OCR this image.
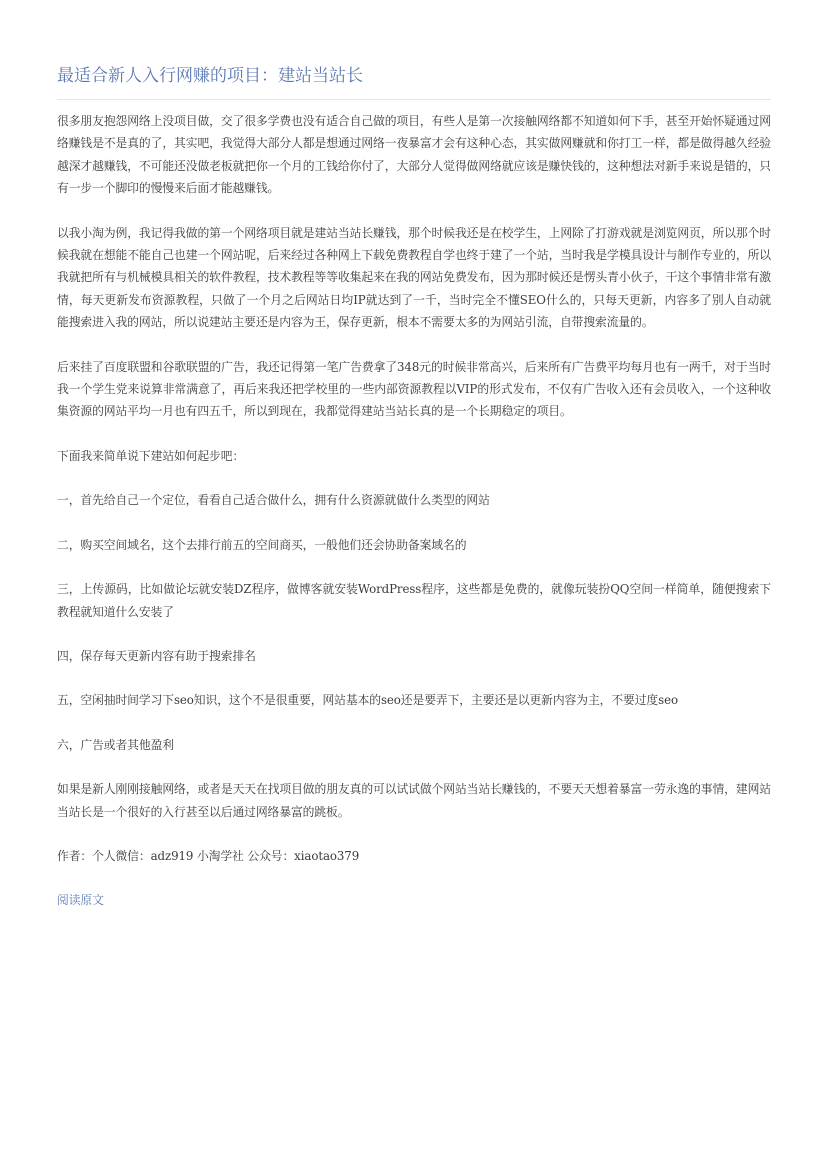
最适合新人入行网赚的项目：建站当站长

很多朋友抱怨网络上没项目做，交了很多学费也没有适合自己做的项目，有些人是第一次接触网络都不知道如何下手，甚至开始怀疑通过网络赚钱是不是真的了，其实吧，我觉得大部分人都是想通过网络一夜暴富才会有这种心态，其实做网赚就和你打工一样，都是做得越久经验越深才越赚钱，不可能还没做老板就把你一个月的工钱给你付了，大部分人觉得做网络就应该是赚快钱的，这种想法对新手来说是错的，只有一步一个脚印的慢慢来后面才能越赚钱。

以我小淘为例，我记得我做的第一个网络项目就是建站当站长赚钱，那个时候我还是在校学生，上网除了打游戏就是浏览网页，所以那个时候我就在想能不能自己也建一个网站呢，后来经过各种网上下载免费教程自学也终于建了一个站，当时我是学模具设计与制作专业的，所以我就把所有与机械模具相关的软件教程，技术教程等等收集起来在我的网站免费发布，因为那时候还是愣头青小伙子，干这个事情非常有激情，每天更新发布资源教程，只做了一个月之后网站日均IP就达到了一千，当时完全不懂SEO什么的，只每天更新，内容多了别人自动就能搜索进入我的网站，所以说建站主要还是内容为王，保存更新，根本不需要太多的为网站引流，自带搜索流量的。

后来挂了百度联盟和谷歌联盟的广告，我还记得第一笔广告费拿了348元的时候非常高兴，后来所有广告费平均每月也有一两千，对于当时我一个学生党来说算非常满意了，再后来我还把学校里的一些内部资源教程以VIP的形式发布，不仅有广告收入还有会员收入，一个这种收集资源的网站平均一月也有四五千，所以到现在，我都觉得建站当站长真的是一个长期稳定的项目。

下面我来简单说下建站如何起步吧：

一，首先给自己一个定位，看看自己适合做什么，拥有什么资源就做什么类型的网站

二，购买空间域名，这个去排行前五的空间商买，一般他们还会协助备案域名的

三，上传源码，比如做论坛就安装DZ程序，做博客就安装WordPress程序，这些都是免费的，就像玩装扮QQ空间一样简单，随便搜索下教程就知道什么安装了

四，保存每天更新内容有助于搜索排名

五，空闲抽时间学习下seo知识，这个不是很重要，网站基本的seo还是要弄下，主要还是以更新内容为主，不要过度seo

六，广告或者其他盈利

如果是新人刚刚接触网络，或者是天天在找项目做的朋友真的可以试试做个网站当站长赚钱的，不要天天想着暴富一劳永逸的事情，建网站当站长是一个很好的入行甚至以后通过网络暴富的跳板。

作者：个人微信：adz919 小淘学社 公众号：xiaotao379

阅读原文
